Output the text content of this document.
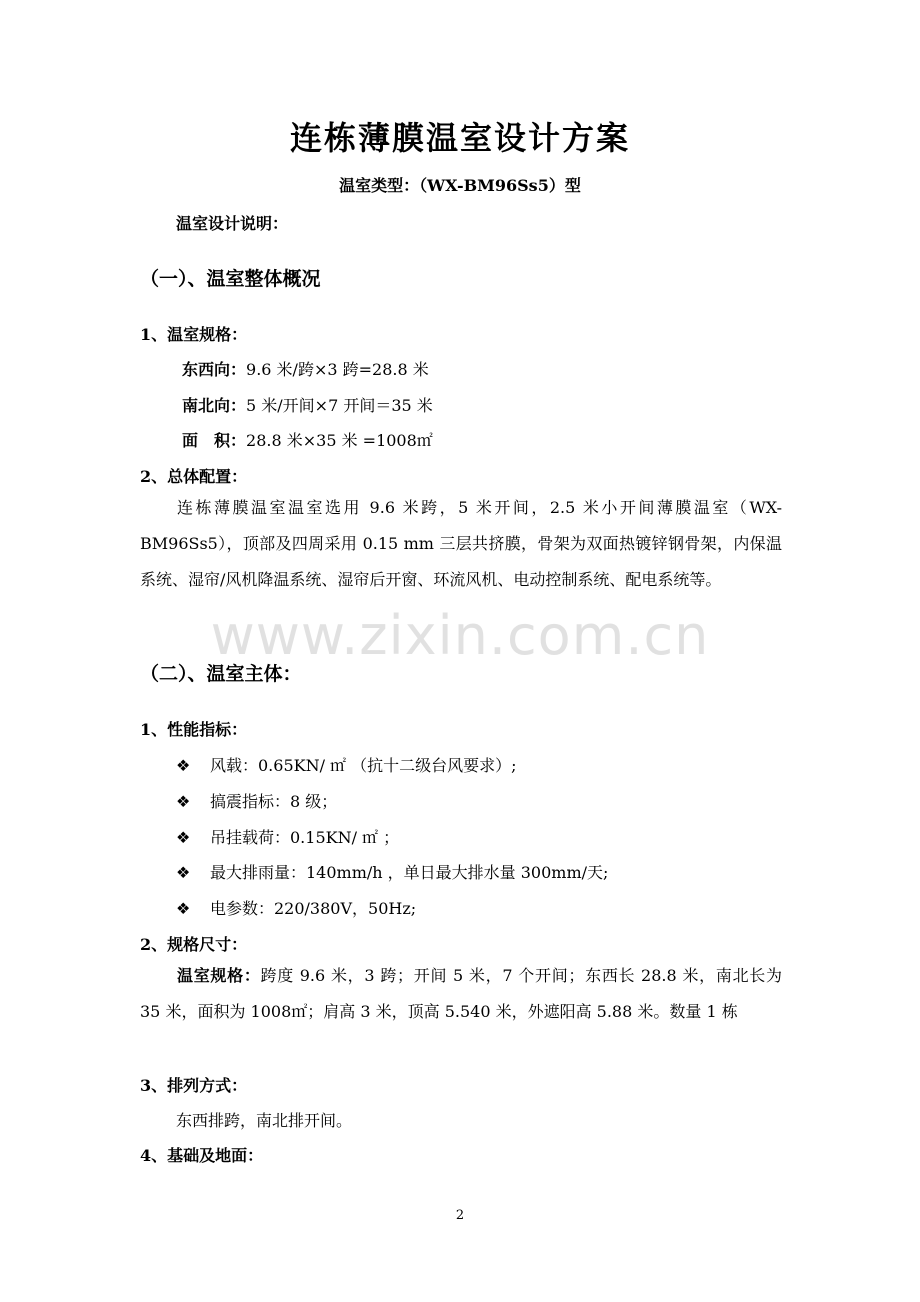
连栋薄膜温室设计方案
温室类型：（WX-BM96Ss5）型
温室设计说明：
（一）、温室整体概况
1、温室规格：
东西向：9.6 米/跨×3 跨=28.8 米
南北向：5 米/开间×7 开间＝35 米
面　积：28.8 米×35 米 =1008㎡
2、总体配置：
连栋薄膜温室温室选用 9.6 米跨，5 米开间，2.5 米小开间薄膜温室（WX-BM96Ss5），顶部及四周采用 0.15 mm 三层共挤膜，骨架为双面热镀锌钢骨架，内保温系统、湿帘/风机降温系统、湿帘后开窗、环流风机、电动控制系统、配电系统等。
www.zixin.com.cn
（二）、温室主体：
1、性能指标：
❖ 风载：0.65KN/ ㎡ （抗十二级台风要求）;
❖ 搞震指标：8 级；
❖ 吊挂载荷：0.15KN/ ㎡ ；
❖ 最大排雨量：140mm/h ，单日最大排水量 300mm/天;
❖ 电参数：220/380V，50Hz;
2、规格尺寸：
温室规格：跨度 9.6 米，3 跨；开间 5 米，7 个开间；东西长 28.8 米，南北长为 35 米，面积为 1008㎡；肩高 3 米，顶高 5.540 米，外遮阳高 5.88 米。数量 1 栋
3、排列方式：
东西排跨，南北排开间。
4、基础及地面：
2
